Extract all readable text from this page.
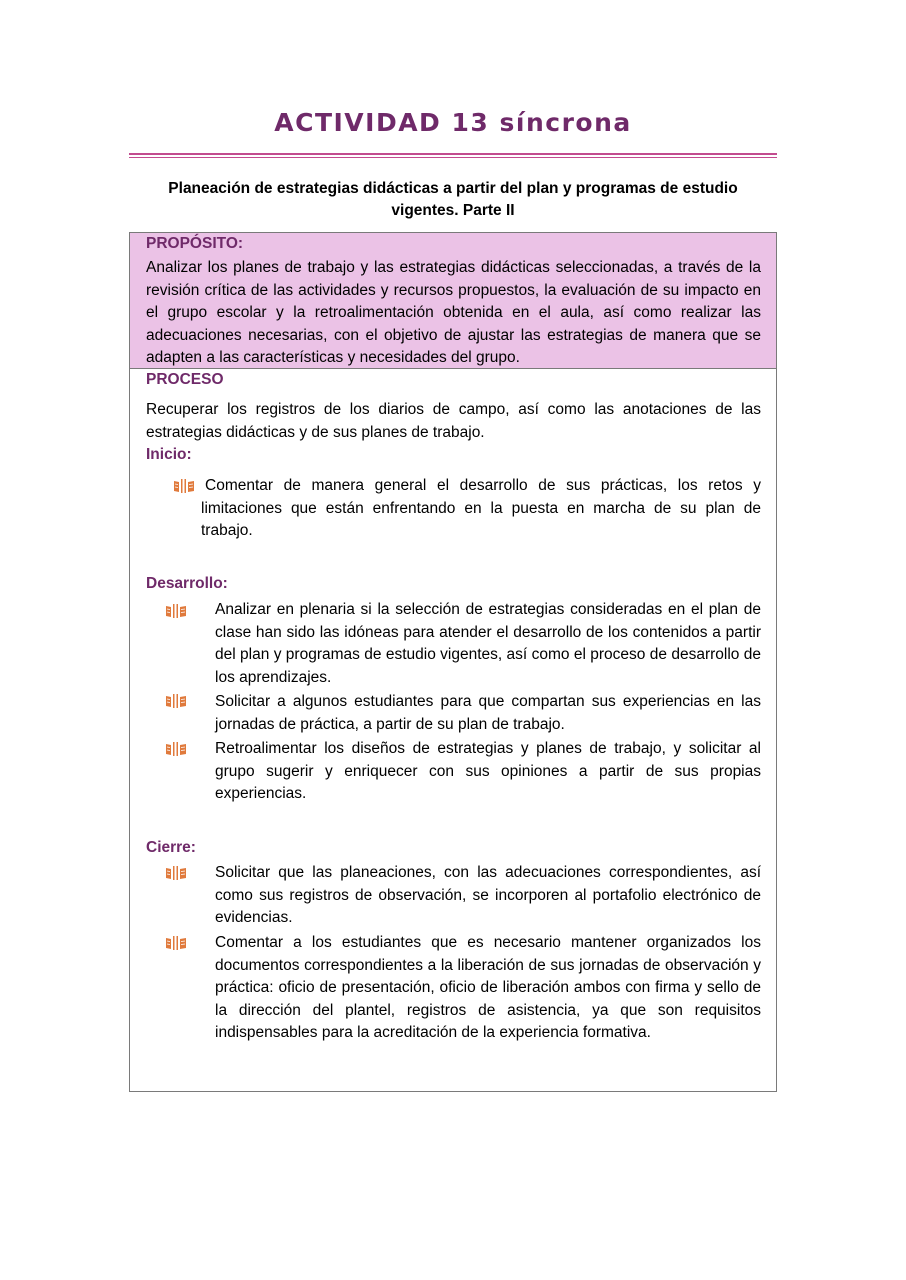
ACTIVIDAD 13 síncrona
Planeación de estrategias didácticas a partir del plan y programas de estudio vigentes. Parte II
PROPÓSITO:
Analizar los planes de trabajo y las estrategias didácticas seleccionadas, a través de la revisión crítica de las actividades y recursos propuestos, la evaluación de su impacto en el grupo escolar y la retroalimentación obtenida en el aula, así como realizar las adecuaciones necesarias, con el objetivo de ajustar las estrategias de manera que se adapten a las características y necesidades del grupo.
PROCESO
Recuperar los registros de los diarios de campo, así como las anotaciones de las estrategias didácticas y de sus planes de trabajo.
Inicio:
Comentar de manera general el desarrollo de sus prácticas, los retos y limitaciones que están enfrentando en la puesta en marcha de su plan de trabajo.
Desarrollo:
Analizar en plenaria si la selección de estrategias consideradas en el plan de clase han sido las idóneas para atender el desarrollo de los contenidos a partir del plan y programas de estudio vigentes, así como el proceso de desarrollo de los aprendizajes.
Solicitar a algunos estudiantes para que compartan sus experiencias en las jornadas de práctica, a partir de su plan de trabajo.
Retroalimentar los diseños de estrategias y planes de trabajo, y solicitar al grupo sugerir y enriquecer con sus opiniones a partir de sus propias experiencias.
Cierre:
Solicitar que las planeaciones, con las adecuaciones correspondientes, así como sus registros de observación, se incorporen al portafolio electrónico de evidencias.
Comentar a los estudiantes que es necesario mantener organizados los documentos correspondientes a la liberación de sus jornadas de observación y práctica: oficio de presentación, oficio de liberación ambos con firma y sello de la dirección del plantel, registros de asistencia, ya que son requisitos indispensables para la acreditación de la experiencia formativa.
